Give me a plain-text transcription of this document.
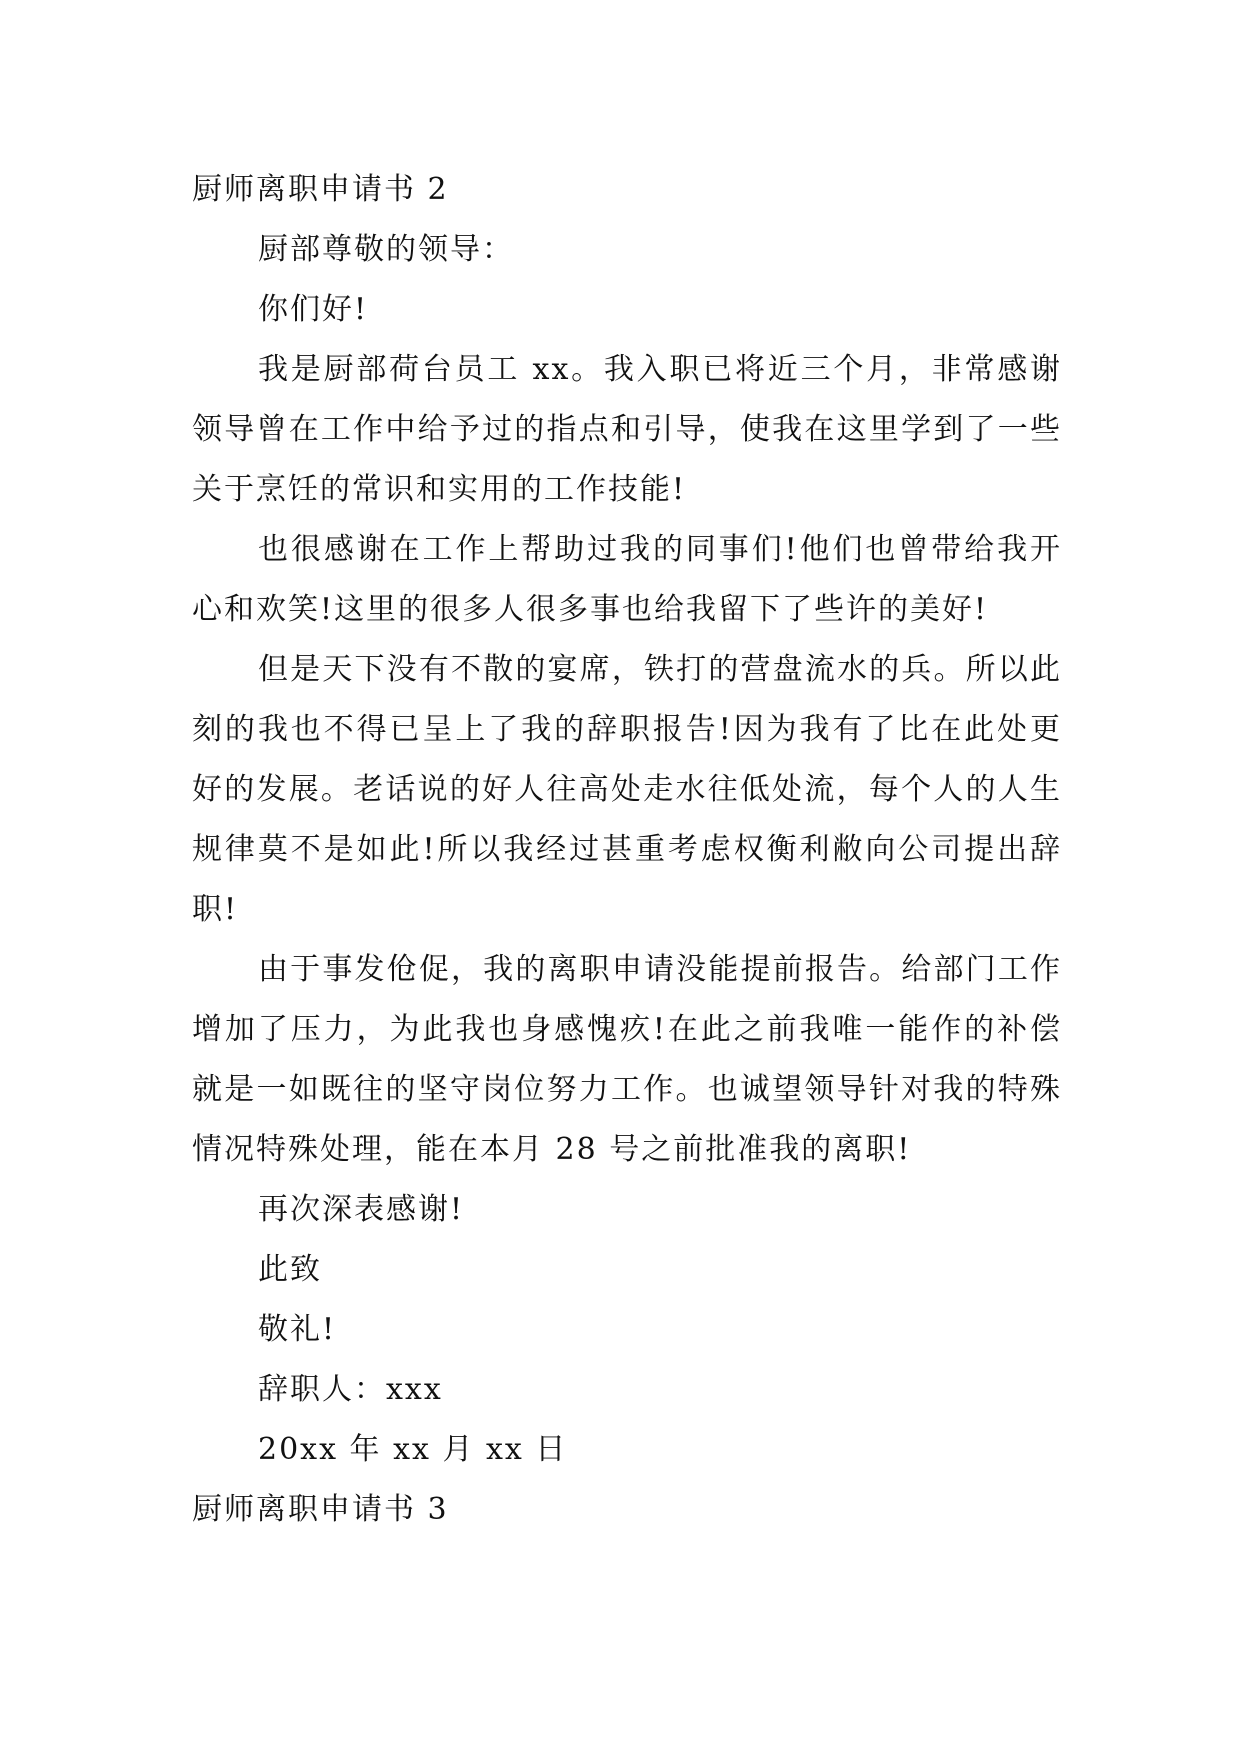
厨师离职申请书 2

厨部尊敬的领导：

你们好!

我是厨部荷台员工 xx。我入职已将近三个月，非常感谢领导曾在工作中给予过的指点和引导，使我在这里学到了一些关于烹饪的常识和实用的工作技能!

也很感谢在工作上帮助过我的同事们!他们也曾带给我开心和欢笑!这里的很多人很多事也给我留下了些许的美好!

但是天下没有不散的宴席，铁打的营盘流水的兵。所以此刻的我也不得已呈上了我的辞职报告!因为我有了比在此处更好的发展。老话说的好人往高处走水往低处流，每个人的人生规律莫不是如此!所以我经过甚重考虑权衡利敝向公司提出辞职!

由于事发伧促，我的离职申请没能提前报告。给部门工作增加了压力，为此我也身感愧疚!在此之前我唯一能作的补偿就是一如既往的坚守岗位努力工作。也诚望领导针对我的特殊情况特殊处理，能在本月 28 号之前批准我的离职!

再次深表感谢!

此致

敬礼!

辞职人：xxx

20xx 年 xx 月 xx 日

厨师离职申请书 3
